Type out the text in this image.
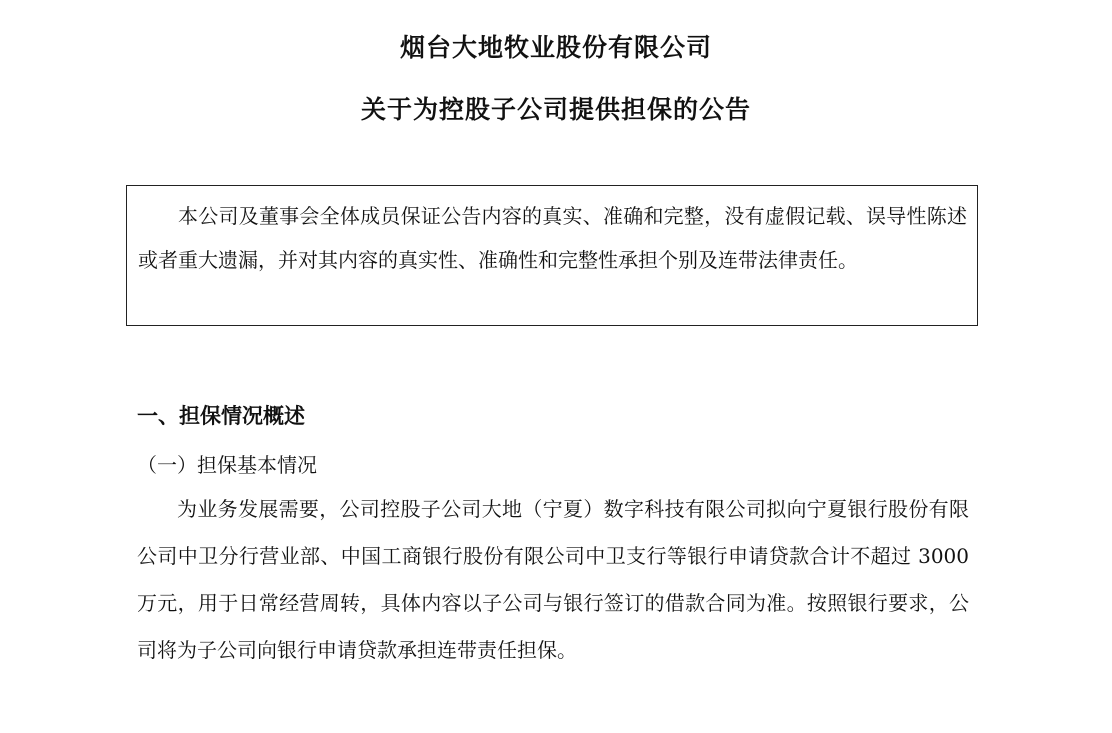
烟台大地牧业股份有限公司
关于为控股子公司提供担保的公告

本公司及董事会全体成员保证公告内容的真实、准确和完整，没有虚假记载、误导性陈述或者重大遗漏，并对其内容的真实性、准确性和完整性承担个别及连带法律责任。

一、担保情况概述
（一）担保基本情况

为业务发展需要，公司控股子公司大地（宁夏）数字科技有限公司拟向宁夏银行股份有限公司中卫分行营业部、中国工商银行股份有限公司中卫支行等银行申请贷款合计不超过 3000 万元，用于日常经营周转，具体内容以子公司与银行签订的借款合同为准。按照银行要求，公司将为子公司向银行申请贷款承担连带责任担保。
